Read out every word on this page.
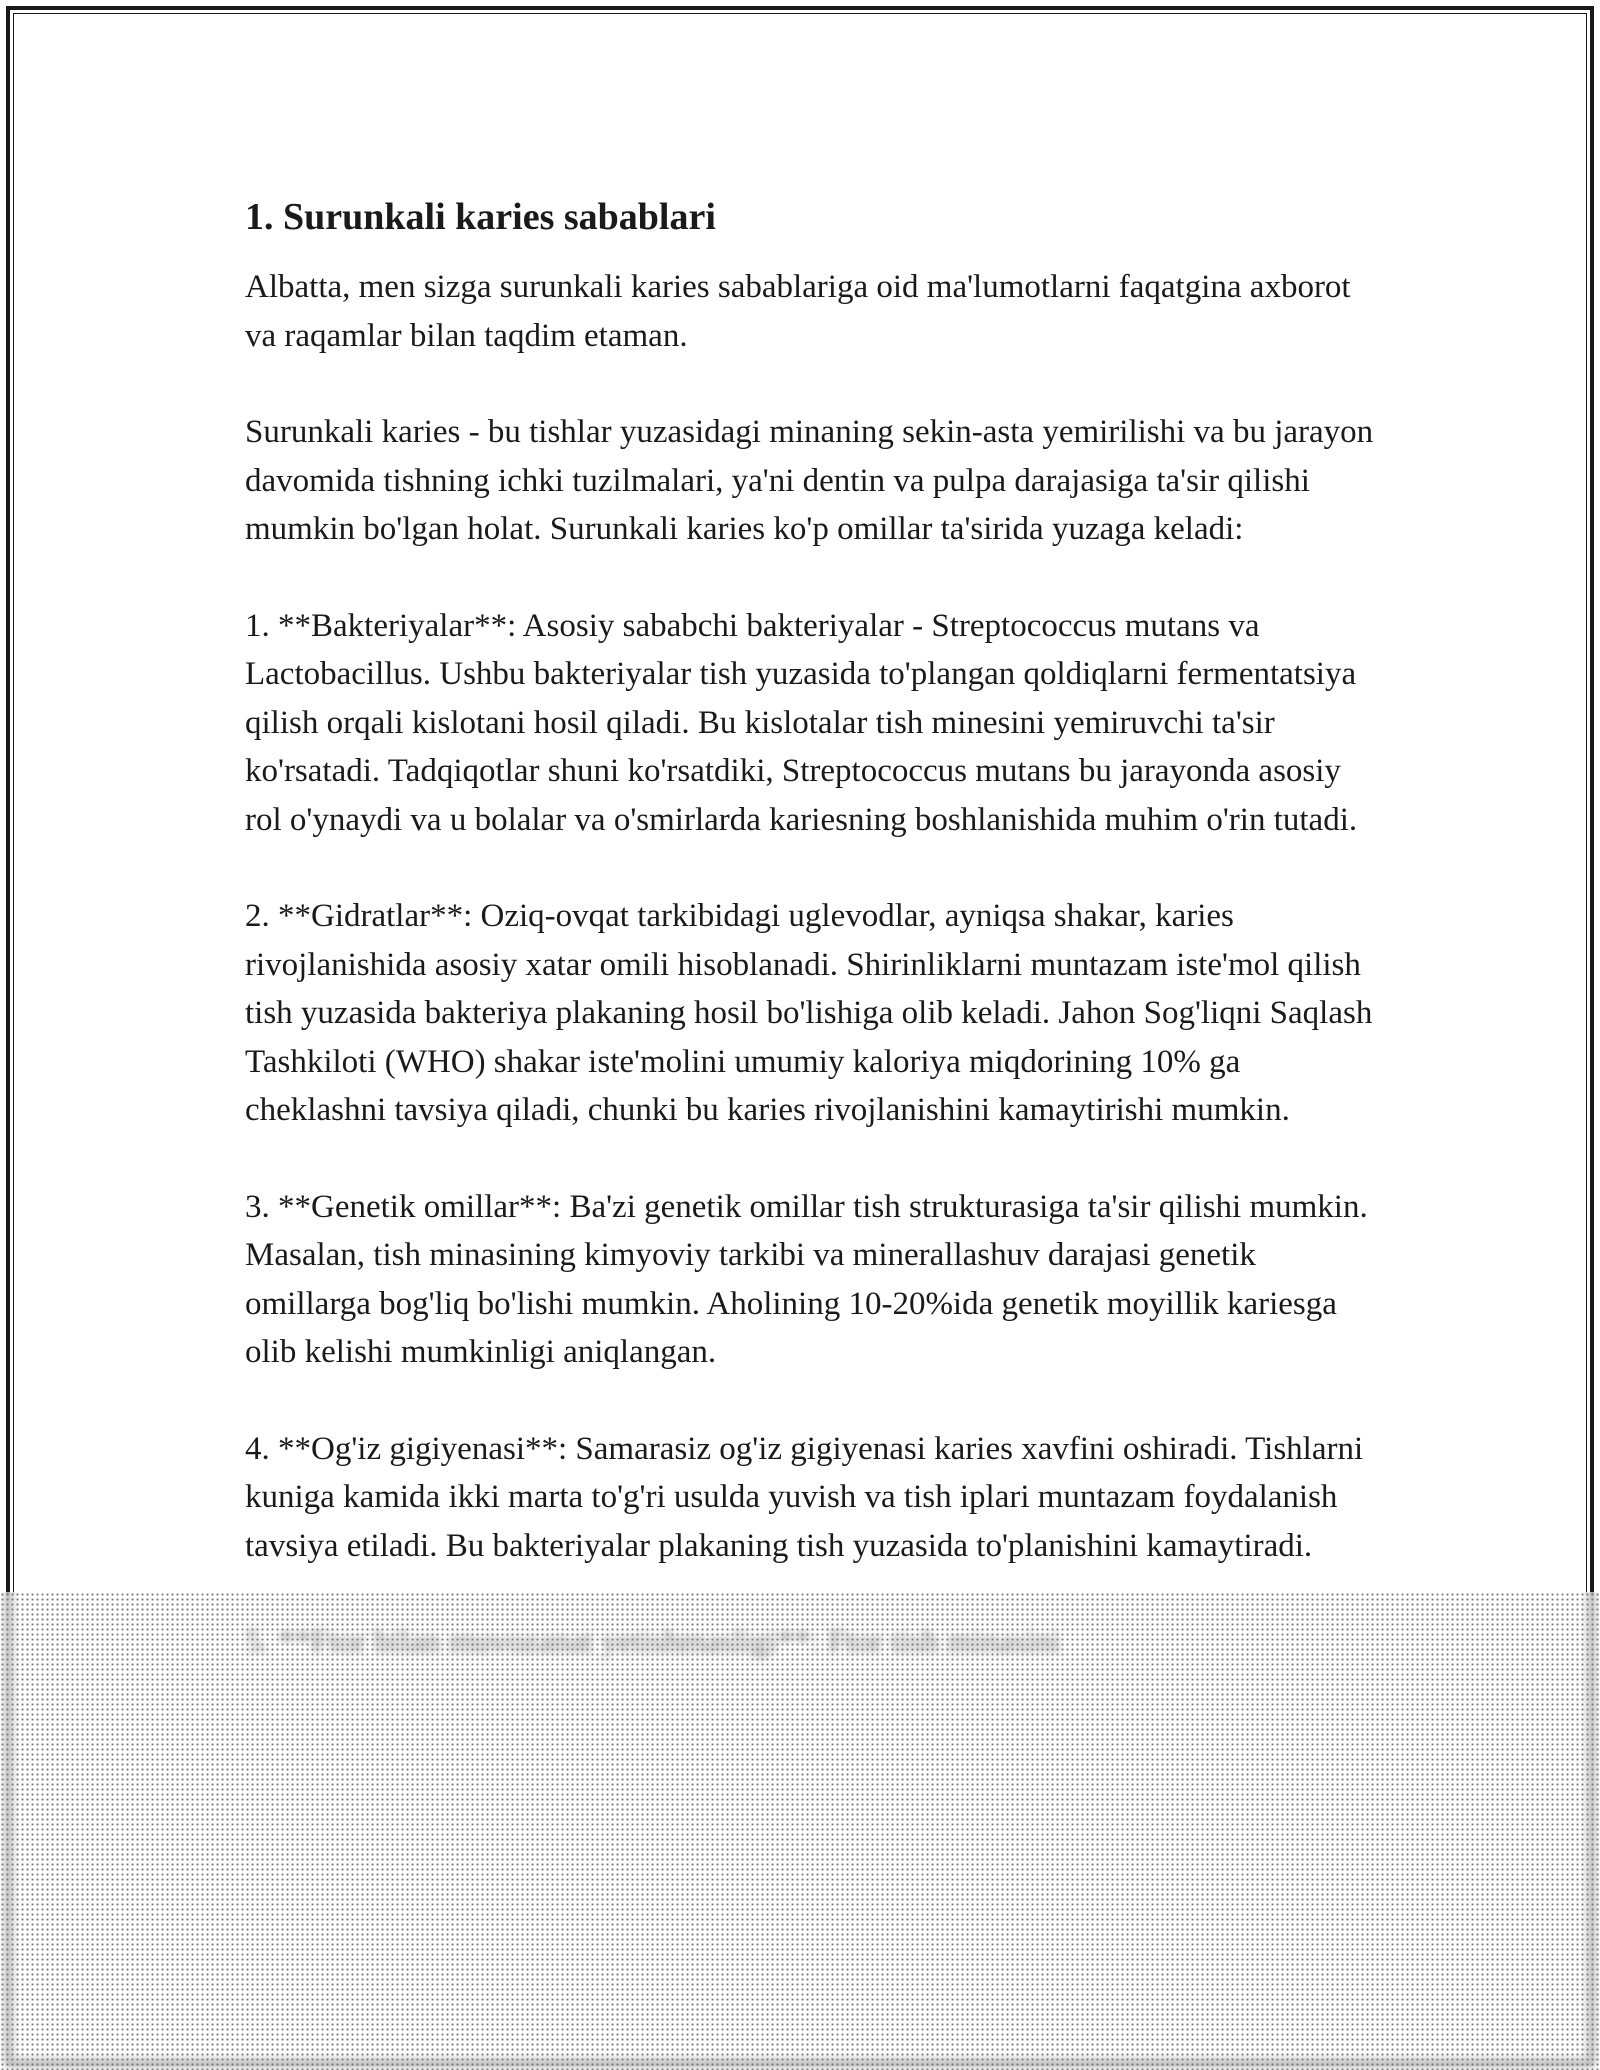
1. Surunkali karies sabablari

Albatta, men sizga surunkali karies sabablariga oid ma'lumotlarni faqatgina axborot va raqamlar bilan taqdim etaman.

Surunkali karies - bu tishlar yuzasidagi minaning sekin-asta yemirilishi va bu jarayon davomida tishning ichki tuzilmalari, ya'ni dentin va pulpa darajasiga ta'sir qilishi mumkin bo'lgan holat. Surunkali karies ko'p omillar ta'sirida yuzaga keladi:

1. **Bakteriyalar**: Asosiy sababchi bakteriyalar - Streptococcus mutans va Lactobacillus. Ushbu bakteriyalar tish yuzasida to'plangan qoldiqlarni fermentatsiya qilish orqali kislotani hosil qiladi. Bu kislotalar tish minesini yemiruvchi ta'sir ko'rsatadi. Tadqiqotlar shuni ko'rsatdiki, Streptococcus mutans bu jarayonda asosiy rol o'ynaydi va u bolalar va o'smirlarda kariesning boshlanishida muhim o'rin tutadi.

2. **Gidratlar**: Oziq-ovqat tarkibidagi uglevodlar, ayniqsa shakar, karies rivojlanishida asosiy xatar omili hisoblanadi. Shirinliklarni muntazam iste'mol qilish tish yuzasida bakteriya plakaning hosil bo'lishiga olib keladi. Jahon Sog'liqni Saqlash Tashkiloti (WHO) shakar iste'molini umumiy kaloriya miqdorining 10% ga cheklashni tavsiya qiladi, chunki bu karies rivojlanishini kamaytirishi mumkin.

3. **Genetik omillar**: Ba'zi genetik omillar tish strukturasiga ta'sir qilishi mumkin. Masalan, tish minasining kimyoviy tarkibi va minerallashuv darajasi genetik omillarga bog'liq bo'lishi mumkin. Aholining 10-20%ida genetik moyillik kariesga olib kelishi mumkinligi aniqlangan.

4. **Og'iz gigiyenasi**: Samarasiz og'iz gigiyenasi karies xavfini oshiradi. Tishlarni kuniga kamida ikki marta to'g'ri usulda yuvish va tish iplari muntazam foydalanish tavsiya etiladi. Bu bakteriyalar plakaning tish yuzasida to'planishini kamaytiradi.
